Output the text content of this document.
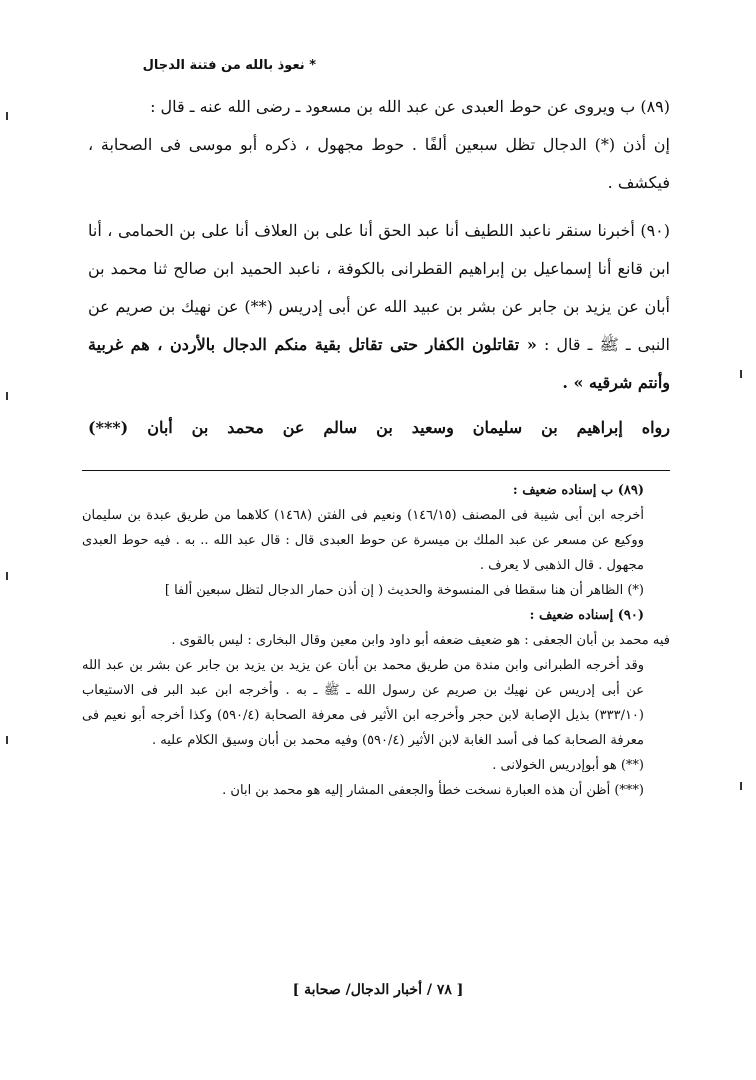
* نعوذ بالله من فتنة الدجال

(٨٩) ب ويروى عن حوط العبدى عن عبد الله بن مسعود ـ رضى الله عنه ـ قال :
إن أذن (*) الدجال تظل سبعين ألفًا . حوط مجهول ، ذكره أبو موسى فى الصحابة ، فيكشف .

(٩٠) أخبرنا سنقر ناعبد اللطيف أنا عبد الحق أنا على بن العلاف أنا على بن الحمامى ، أنا ابن قانع أنا إسماعيل بن إبراهيم القطرانى بالكوفة ، ناعبد الحميد ابن صالح ثنا محمد بن أبان عن يزيد بن جابر عن بشر بن عبيد الله عن أبى إدريس (**) عن نهيك بن صريم عن النبى ـ ﷺ ـ قال : « تقاتلون الكفار حتى تقاتل بقية منكم الدجال بالأردن ، هم غربية وأنتم شرقيه » .

رواه إبراهيم بن سليمان وسعيد بن سالم عن محمد بن أبان (***)

(٨٩) ب إسناده ضعيف :

أخرجه ابن أبى شيبة فى المصنف (١٤٦/١٥) ونعيم فى الفتن (١٤٦٨) كلاهما من طريق عبدة بن سليمان ووكيع عن مسعر عن عبد الملك بن ميسرة عن حوط العبدى قال : قال عبد الله .. به . فيه حوط العبدى مجهول . قال الذهبى لا يعرف .

(*) الظاهر أن هنا سقطا فى المنسوخة والحديث ( إن أذن حمار الدجال لتظل سبعين ألفا ]

(٩٠) إسناده ضعيف :

فيه محمد بن أبان الجعفى : هو ضعيف ضعفه أبو داود وابن معين وقال البخارى : ليس بالقوى .

وقد أخرجه الطبرانى وابن مندة من طريق محمد بن أبان عن يزيد بن يزيد بن جابر عن بشر بن عبد الله عن أبى إدريس عن نهيك بن صريم عن رسول الله ـ ﷺ ـ به . وأخرجه ابن عبد البر فى الاستيعاب (٣٣٣/١٠) بذيل الإصابة لابن حجر وأخرجه ابن الأثير فى معرفة الصحابة (٥٩٠/٤) وكذا أخرجه أبو نعيم فى معرفة الصحابة كما فى أسد الغابة لابن الأثير (٥٩٠/٤) وفيه محمد بن أبان وسيق الكلام عليه .

(**) هو أبوإدريس الخولانى .

(***) أظن أن هذه العبارة نسخت خطأ والجعفى المشار إليه هو محمد بن ابان .

[ ٧٨ / أخبار الدجال/ صحابة ]
